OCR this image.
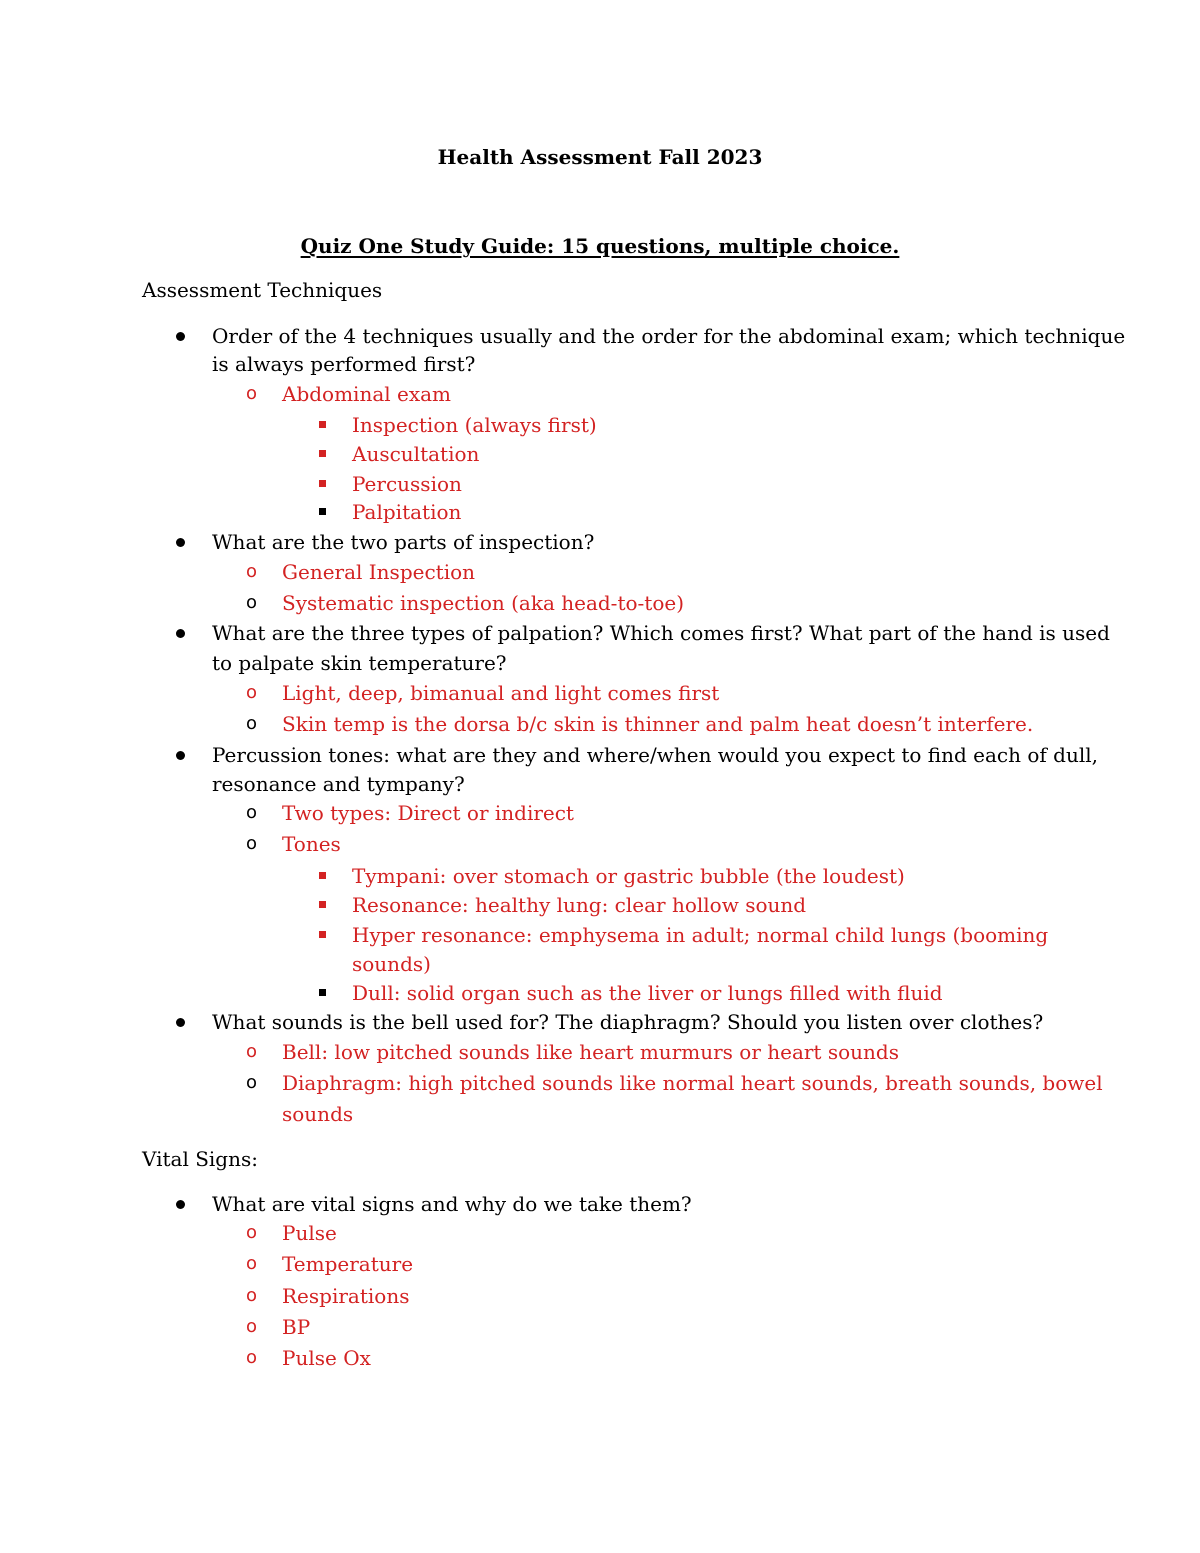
Health Assessment Fall 2023
Quiz One Study Guide: 15 questions, multiple choice.
Assessment Techniques
Order of the 4 techniques usually and the order for the abdominal exam; which technique
is always performed first?
o Abdominal exam
Inspection (always first)
Auscultation
Percussion
Palpitation
What are the two parts of inspection?
o General Inspection
o Systematic inspection (aka head-to-toe)
What are the three types of palpation? Which comes first? What part of the hand is used
to palpate skin temperature?
o Light, deep, bimanual and light comes first
o Skin temp is the dorsa b/c skin is thinner and palm heat doesn’t interfere.
Percussion tones: what are they and where/when would you expect to find each of dull,
resonance and tympany?
o Two types: Direct or indirect
o Tones
Tympani: over stomach or gastric bubble (the loudest)
Resonance: healthy lung: clear hollow sound
Hyper resonance: emphysema in adult; normal child lungs (booming
sounds)
Dull: solid organ such as the liver or lungs filled with fluid
What sounds is the bell used for? The diaphragm? Should you listen over clothes?
o Bell: low pitched sounds like heart murmurs or heart sounds
o Diaphragm: high pitched sounds like normal heart sounds, breath sounds, bowel
sounds
Vital Signs:
What are vital signs and why do we take them?
o Pulse
o Temperature
o Respirations
o BP
o Pulse Ox
